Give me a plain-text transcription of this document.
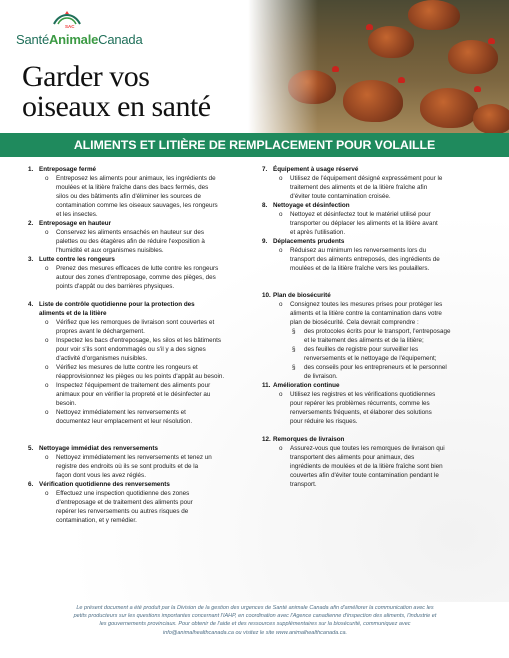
SAC
SantéAnimaleCanada
Garder vos
oiseaux en santé
ALIMENTS ET LITIÈRE DE REMPLACEMENT POUR VOLAILLE
1. Entreposage fermé
o Entreposez les aliments pour animaux, les ingrédients de
moulées et la litière fraîche dans des bacs fermés, des
silos ou des bâtiments afin d'éliminer les sources de
contamination comme les oiseaux sauvages, les rongeurs
et les insectes.
2. Entreposage en hauteur
o Conservez les aliments ensachés en hauteur sur des
palettes ou des étagères afin de réduire l'exposition à
l'humidité et aux organismes nuisibles.
3. Lutte contre les rongeurs
o Prenez des mesures efficaces de lutte contre les rongeurs
autour des zones d'entreposage, comme des pièges, des
points d'appât ou des barrières physiques.
4. Liste de contrôle quotidienne pour la protection des
aliments et de la litière
o Vérifiez que les remorques de livraison sont couvertes et
propres avant le déchargement.
o Inspectez les bacs d'entreposage, les silos et les bâtiments
pour voir s'ils sont endommagés ou s'il y a des signes
d'activité d'organismes nuisibles.
o Vérifiez les mesures de lutte contre les rongeurs et
réapprovisionnez les pièges ou les points d'appât au besoin.
o Inspectez l'équipement de traitement des aliments pour
animaux pour en vérifier la propreté et le désinfecter au
besoin.
o Nettoyez immédiatement les renversements et
documentez leur emplacement et leur résolution.
5. Nettoyage immédiat des renversements
o Nettoyez immédiatement les renversements et tenez un
registre des endroits où ils se sont produits et de la
façon dont vous les avez réglés.
6. Vérification quotidienne des renversements
o Effectuez une inspection quotidienne des zones
d'entreposage et de traitement des aliments pour
repérer les renversements ou autres risques de
contamination, et y remédier.
7. Équipement à usage réservé
o Utilisez de l'équipement désigné expressément pour le
traitement des aliments et de la litière fraîche afin
d'éviter toute contamination croisée.
8. Nettoyage et désinfection
o Nettoyez et désinfectez tout le matériel utilisé pour
transporter ou déplacer les aliments et la litière avant
et après l'utilisation.
9. Déplacements prudents
o Réduisez au minimum les renversements lors du
transport des aliments entreposés, des ingrédients de
moulées et de la litière fraîche vers les poulaillers.
10. Plan de biosécurité
o Consignez toutes les mesures prises pour protéger les
aliments et la litière contre la contamination dans votre
plan de biosécurité. Cela devrait comprendre :
§ des protocoles écrits pour le transport, l'entreposage
et le traitement des aliments et de la litière;
§ des feuilles de registre pour surveiller les
renversements et le nettoyage de l'équipement;
§ des conseils pour les entrepreneurs et le personnel
de livraison.
11. Amélioration continue
o Utilisez les registres et les vérifications quotidiennes
pour repérer les problèmes récurrents, comme les
renversements fréquents, et élaborer des solutions
pour réduire les risques.
12. Remorques de livraison
o Assurez-vous que toutes les remorques de livraison qui
transportent des aliments pour animaux, des
ingrédients de moulées et de la litière fraîche sont bien
couvertes afin d'éviter toute contamination pendant le
transport.
Le présent document a été produit par la Division de la gestion des urgences de Santé animale Canada afin d'améliorer la communication avec les
petits producteurs sur les questions importantes concernant l'IAHP, en coordination avec l'Agence canadienne d'inspection des aliments, l'industrie et
les gouvernements provinciaux. Pour obtenir de l'aide et des ressources supplémentaires sur la biosécurité, communiquez avec
info@animalhealthcanada.ca ou visitez le site www.animalhealthcanada.ca.
